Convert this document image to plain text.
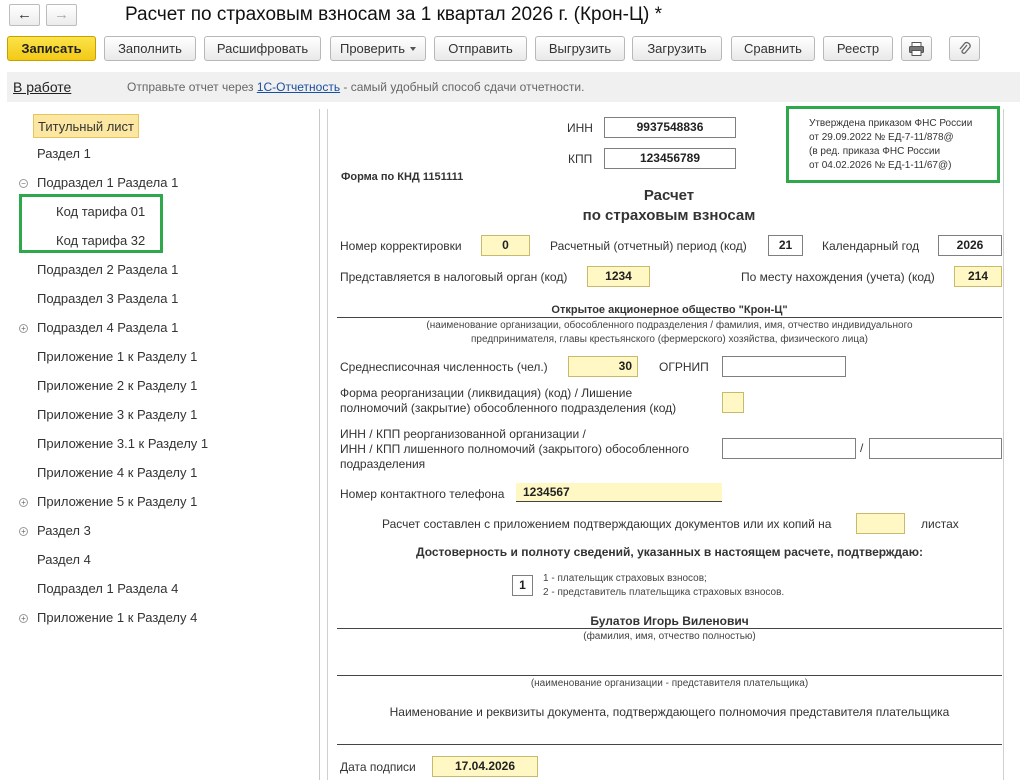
←	→	Расчет по страховым взносам за 1 квартал 2026 г. (Крон-Ц) *
Записать	Заполнить	Расшифровать	Проверить	Отправить	Выгрузить	Загрузить	Сравнить	Реестр
В работе	Отправьте отчет через 1С-Отчетность - самый удобный способ сдачи отчетности.
Титульный лист
Раздел 1
− Подраздел 1 Раздела 1
Код тарифа 01
Код тарифа 32
Подраздел 2 Раздела 1
Подраздел 3 Раздела 1
+ Подраздел 4 Раздела 1
Приложение 1 к Разделу 1
Приложение 2 к Разделу 1
Приложение 3 к Разделу 1
Приложение 3.1 к Разделу 1
Приложение 4 к Разделу 1
+ Приложение 5 к Разделу 1
+ Раздел 3
Раздел 4
Подраздел 1 Раздела 4
+ Приложение 1 к Разделу 4
ИНН	9937548836
КПП	123456789
Форма по КНД 1151111
Утверждена приказом ФНС России
от 29.09.2022 № ЕД-7-11/878@
(в ред. приказа ФНС России
от 04.02.2026 № ЕД-1-11/67@)
Расчет
по страховым взносам
Номер корректировки	0	Расчетный (отчетный) период (код)	21	Календарный год	2026
Представляется в налоговый орган (код)	1234	По месту нахождения (учета) (код)	214
Открытое акционерное общество "Крон-Ц"
(наименование организации, обособленного подразделения / фамилия, имя, отчество индивидуального
предпринимателя, главы крестьянского (фермерского) хозяйства, физического лица)
Среднесписочная численность (чел.)	30	ОГРНИП
Форма реорганизации (ликвидация) (код) / Лишение
полномочий (закрытие) обособленного подразделения (код)
ИНН / КПП реорганизованной организации /
ИНН / КПП лишенного полномочий (закрытого) обособленного
подразделения
/
Номер контактного телефона	1234567
Расчет составлен с приложением подтверждающих документов или их копий на	листах
Достоверность и полноту сведений, указанных в настоящем расчете, подтверждаю:
1	1 - плательщик страховых взносов;
2 - представитель плательщика страховых взносов.
Булатов Игорь Виленович
(фамилия, имя, отчество полностью)
(наименование организации - представителя плательщика)
Наименование и реквизиты документа, подтверждающего полномочия представителя плательщика
Дата подписи	17.04.2026
